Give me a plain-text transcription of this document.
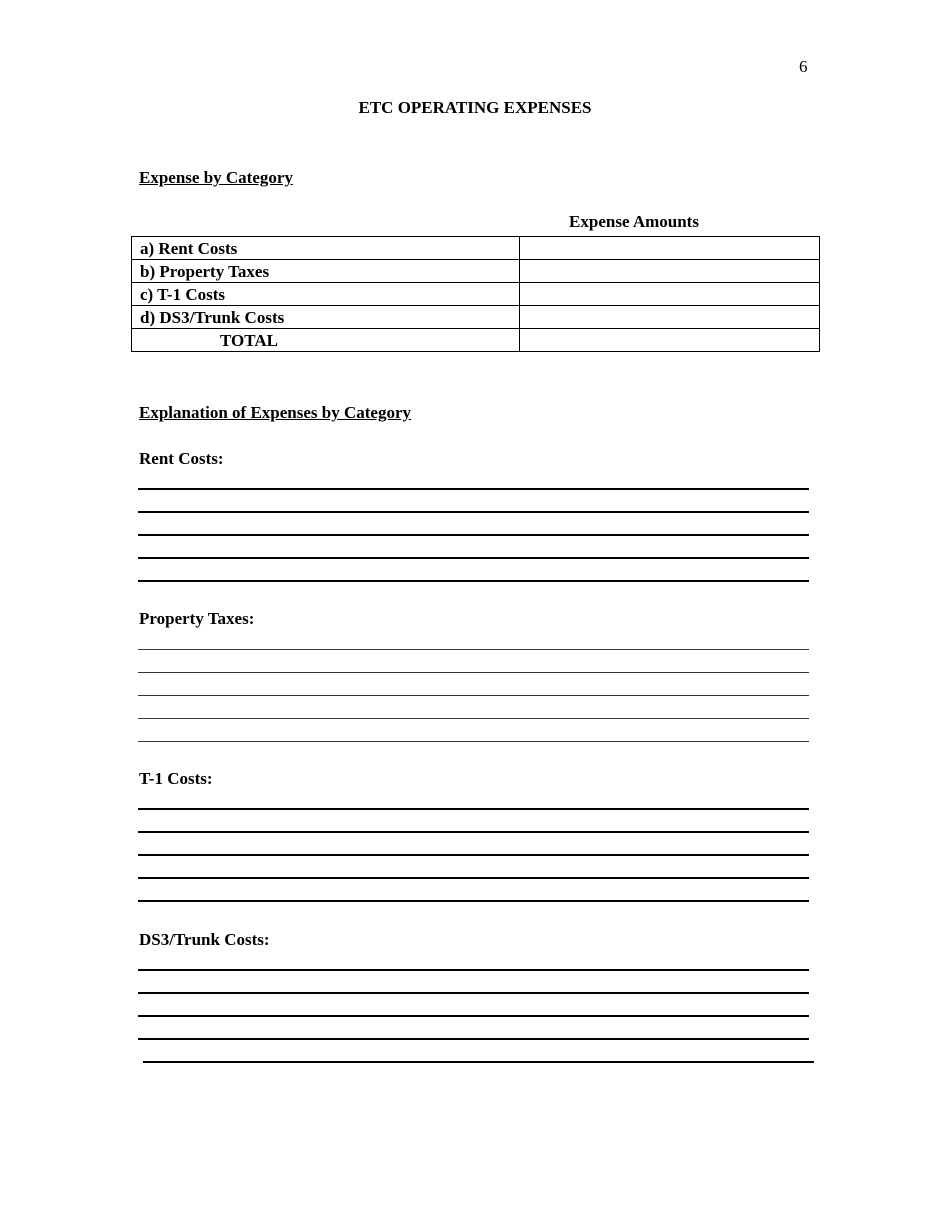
6
ETC OPERATING EXPENSES
Expense by Category
Expense Amounts
a) Rent Costs	
b) Property Taxes	
c) T-1 Costs	
d) DS3/Trunk Costs	
TOTAL	
Explanation of Expenses by Category
Rent Costs:
Property Taxes:
T-1 Costs:
DS3/Trunk Costs:
